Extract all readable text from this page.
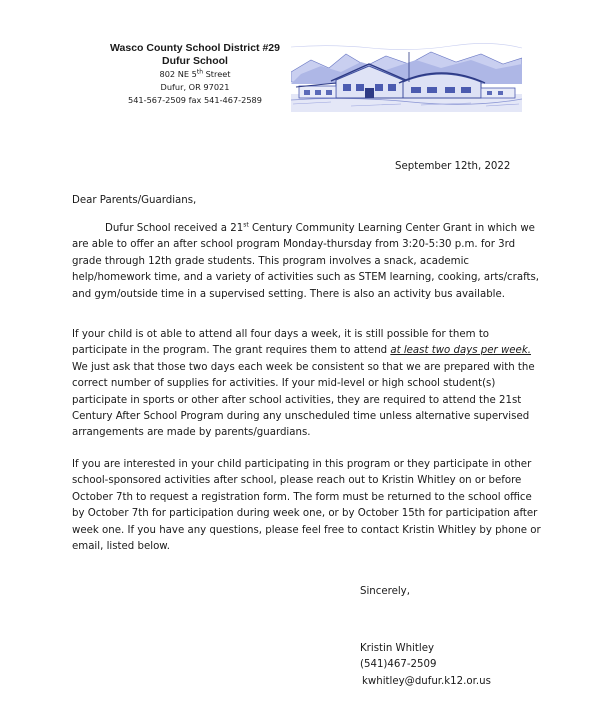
Wasco County School District #29
Dufur School
802 NE 5th Street
Dufur, OR 97021
541-567-2509 fax 541-467-2589
September 12th, 2022
Dear Parents/Guardians,

Dufur School received a 21st Century Community Learning Center Grant in which we are able to offer an after school program Monday-thursday from 3:20-5:30 p.m. for 3rd grade through 12th grade students. This program involves a snack, academic help/homework time, and a variety of activities such as STEM learning, cooking, arts/crafts, and gym/outside time in a supervised setting. There is also an activity bus available.

If your child is ot able to attend all four days a week, it is still possible for them to participate in the program. The grant requires them to attend at least two days per week. We just ask that those two days each week be consistent so that we are prepared with the correct number of supplies for activities. If your mid-level or high school student(s) participate in sports or other after school activities, they are required to attend the 21st Century After School Program during any unscheduled time unless alternative supervised arrangements are made by parents/guardians.

If you are interested in your child participating in this program or they participate in other school-sponsored activities after school, please reach out to Kristin Whitley on or before October 7th to request a registration form. The form must be returned to the school office by October 7th for participation during week one, or by October 15th for participation after week one. If you have any questions, please feel free to contact Kristin Whitley by phone or email, listed below.

Sincerely,
Kristin Whitley
(541)467-2509
kwhitley@dufur.k12.or.us
